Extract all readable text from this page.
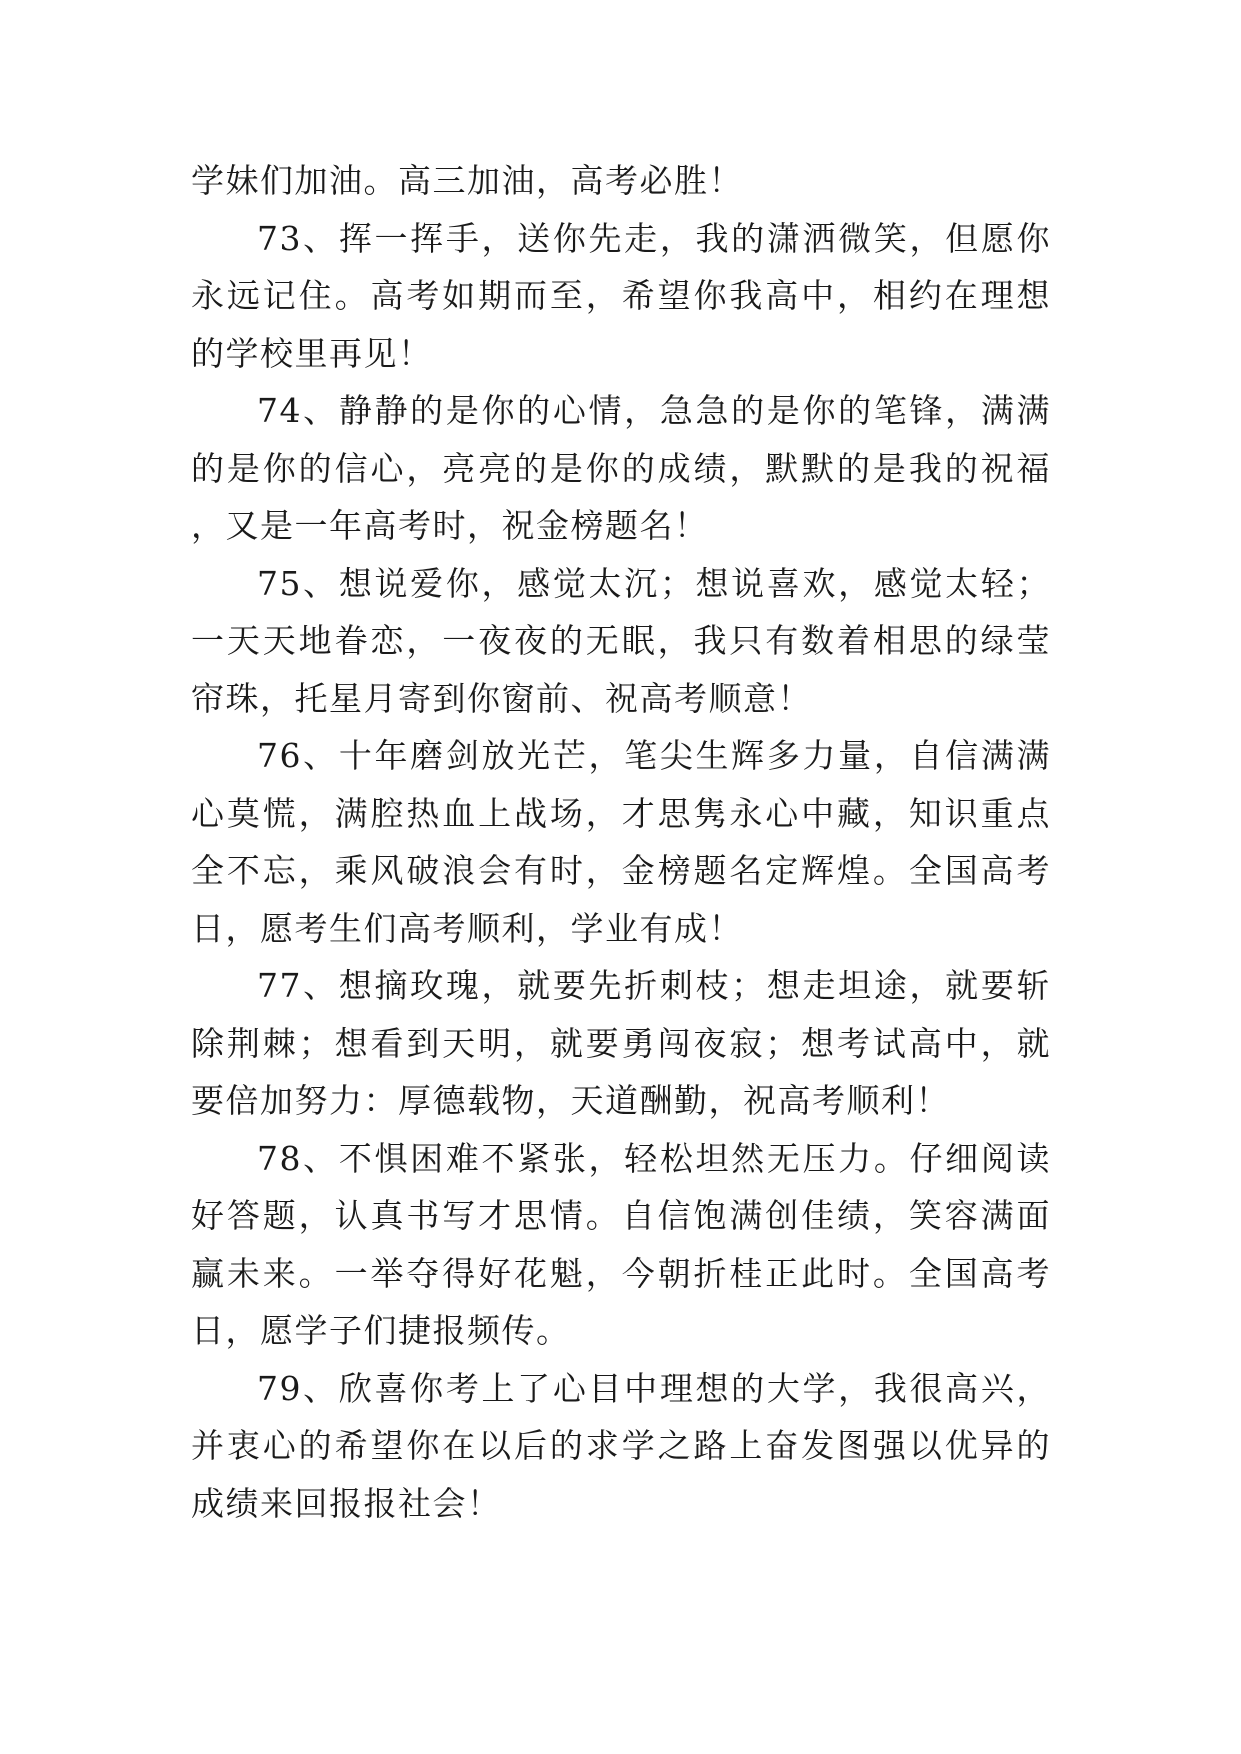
学妹们加油。高三加油，高考必胜！

73、挥一挥手，送你先走，我的潇洒微笑，但愿你永远记住。高考如期而至，希望你我高中，相约在理想的学校里再见！

74、静静的是你的心情，急急的是你的笔锋，满满的是你的信心，亮亮的是你的成绩，默默的是我的祝福，又是一年高考时，祝金榜题名！

75、想说爱你，感觉太沉；想说喜欢，感觉太轻；一天天地眷恋，一夜夜的无眠，我只有数着相思的绿莹帘珠，托星月寄到你窗前、祝高考顺意！

76、十年磨剑放光芒，笔尖生辉多力量，自信满满心莫慌，满腔热血上战场，才思隽永心中藏，知识重点全不忘，乘风破浪会有时，金榜题名定辉煌。全国高考日，愿考生们高考顺利，学业有成！

77、想摘玫瑰，就要先折刺枝；想走坦途，就要斩除荆棘；想看到天明，就要勇闯夜寂；想考试高中，就要倍加努力：厚德载物，天道酬勤，祝高考顺利！

78、不惧困难不紧张，轻松坦然无压力。仔细阅读好答题，认真书写才思情。自信饱满创佳绩，笑容满面赢未来。一举夺得好花魁，今朝折桂正此时。全国高考日，愿学子们捷报频传。

79、欣喜你考上了心目中理想的大学，我很高兴，并衷心的希望你在以后的求学之路上奋发图强以优异的成绩来回报报社会！
